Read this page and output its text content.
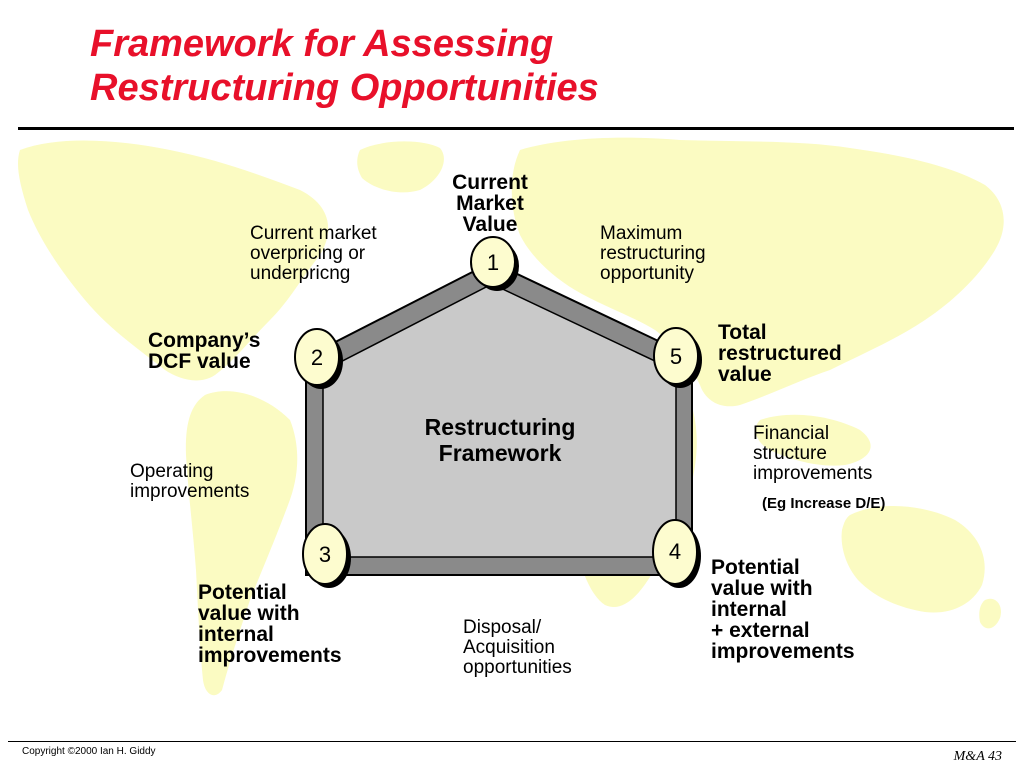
Framework for Assessing
Restructuring Opportunities
1
2	5
3	4
Restructuring
Framework
Current
Market
Value
Company’s
DCF value
Total
restructured
value
Potential
value with
internal
improvements
Potential
value with
internal
+ external
improvements
Current market
overpricing or
underpricng
Maximum
restructuring
opportunity
Operating
improvements
Disposal/
Acquisition
opportunities
Financial
structure
improvements
(Eg Increase D/E)
Copyright ©2000 Ian H. Giddy	M&A 43
